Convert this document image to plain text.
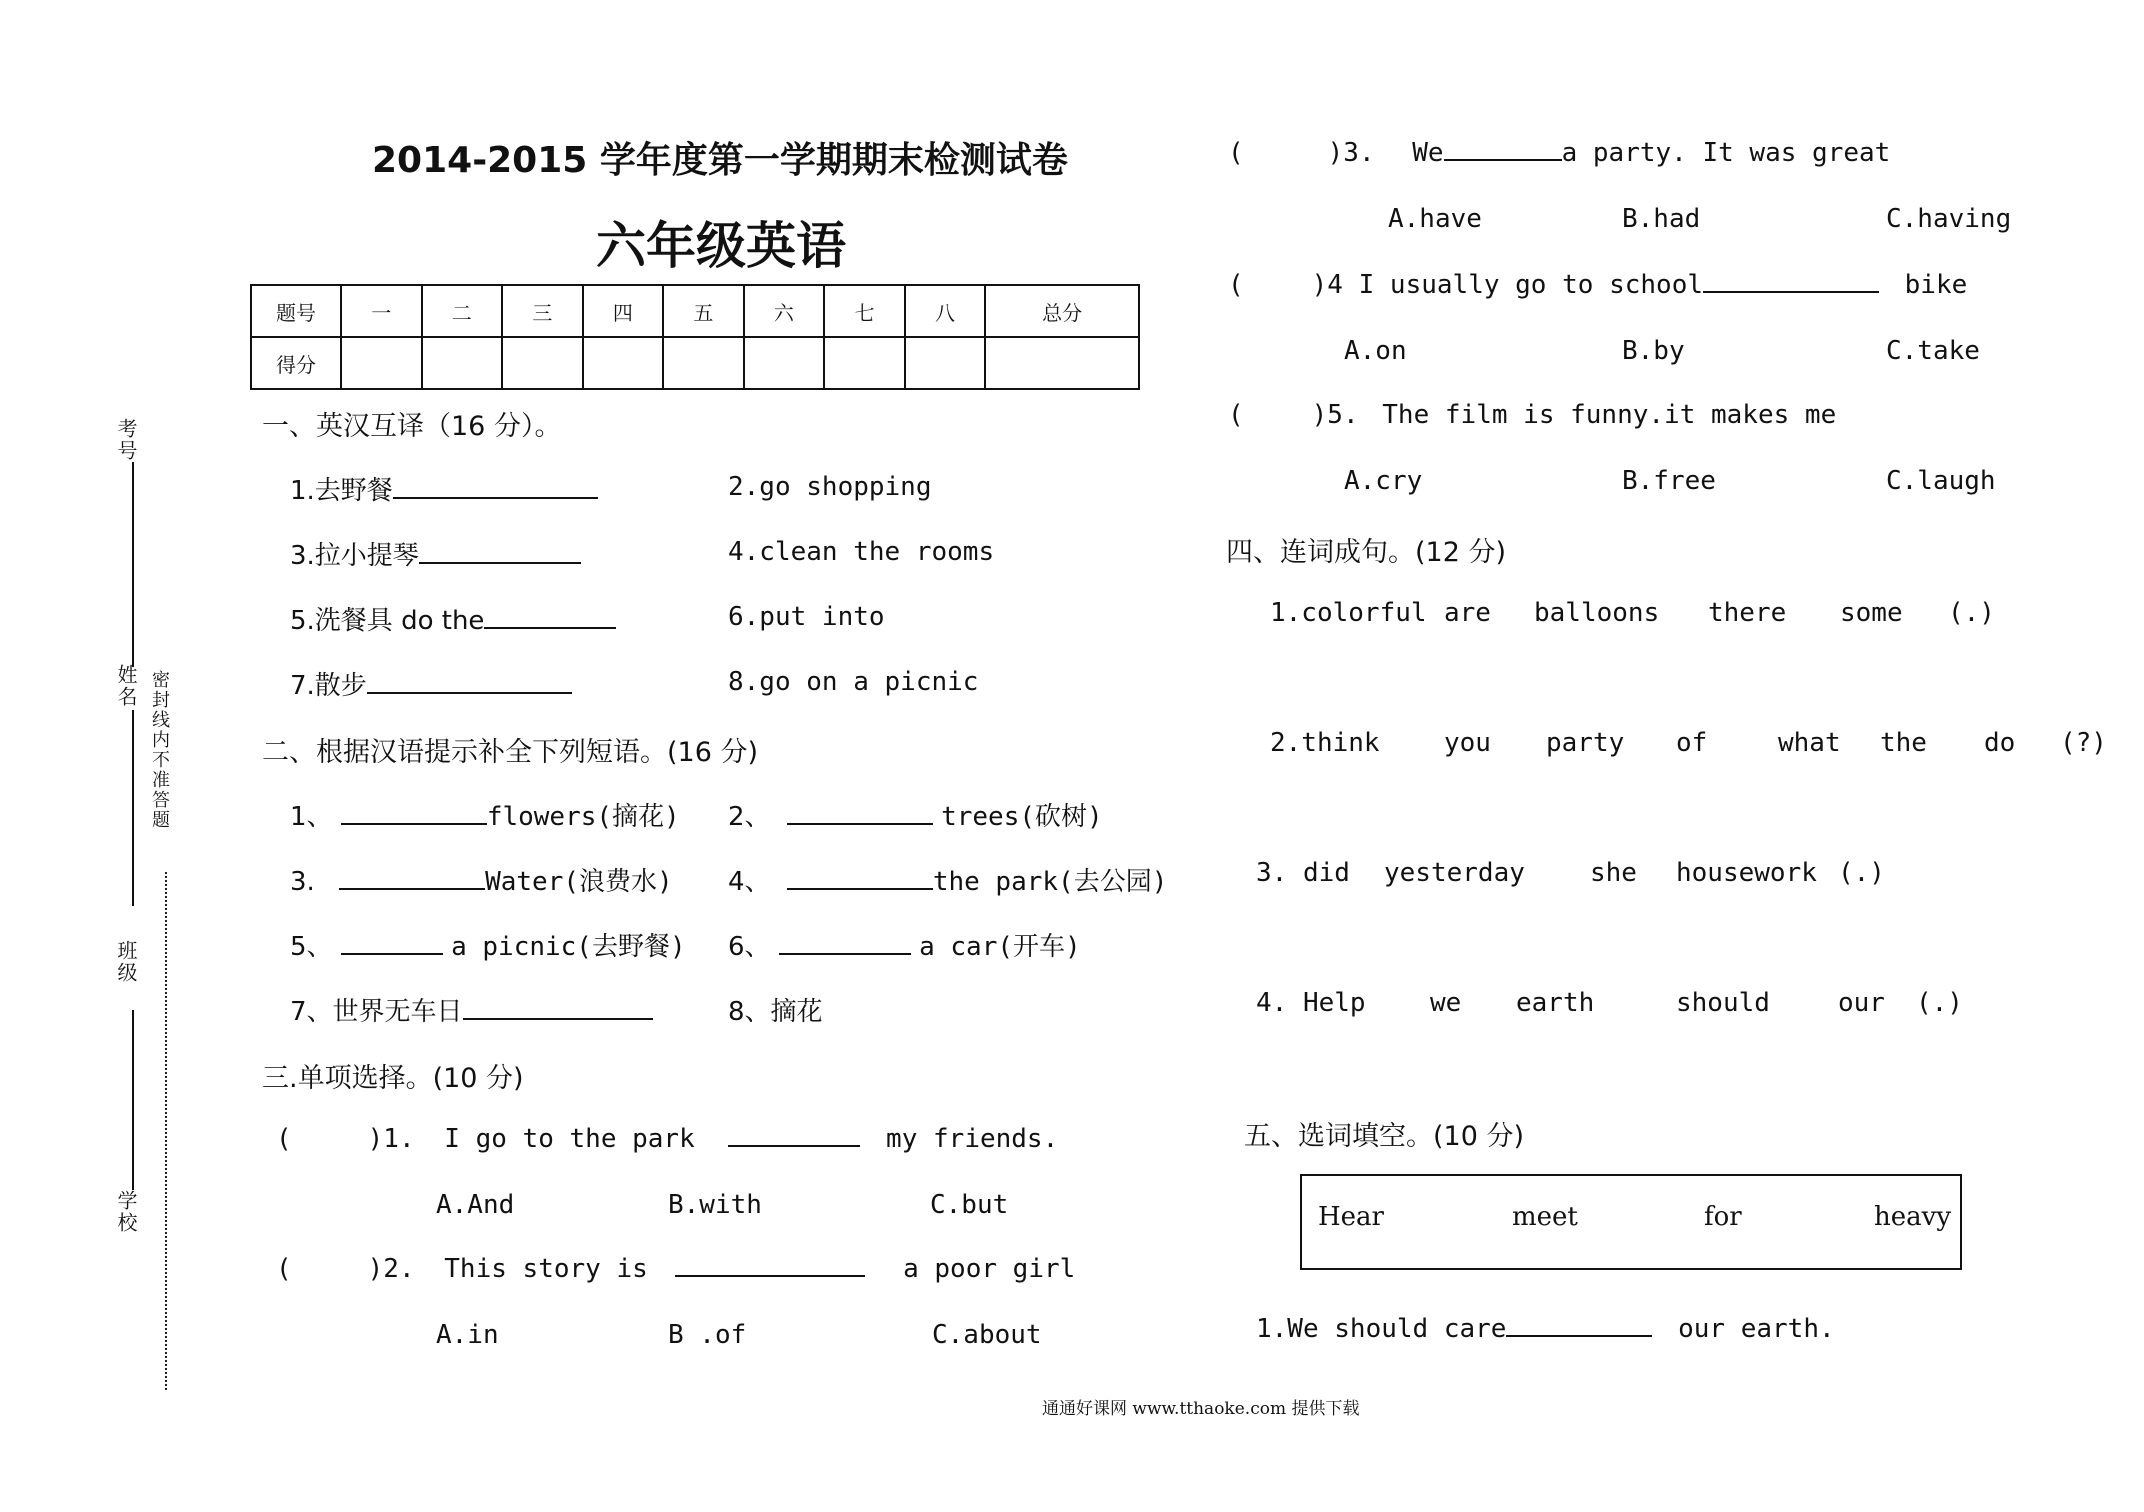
2014-2015 学年度第一学期期末检测试卷
六年级英语
题号	一	二	三	四	五	六	七	八	总分
得分									
考号
姓名 密封线内不准答题
班级
学校
一、英汉互译（16 分）。
1.去野餐	2.go shopping
3.拉小提琴	4.clean the rooms
5.洗餐具 do the	6.put into
7.散步	8.go on a picnic
二、根据汉语提示补全下列短语。(16 分)
1、	flowers(摘花) 2、	trees(砍树)
3.	Water(浪费水) 4、	the park(去公园)
5、	a picnic(去野餐) 6、	a car(开车)
7、世界无车日	8、摘花
三.单项选择。(10 分)
(	)1. I go to the park	my friends.
A.And	B.with	C.but
(	)2. This story is	a poor girl
A.in	B .of	C.about
(	)3. We	a party. It was great
A.have	B.had	C.having
(	)4 I usually go to school	bike
A.on	B.by	C.take
(	)5. The film is funny.it makes me
A.cry	B.free	C.laugh
四、连词成句。(12 分)
1.colorful are balloons there some (.)
2.think you party of	what the do (?)
3. did yesterday	she housework (.)
4. Help we earth	should	our (.)
五、选词填空。(10 分)
Hear	meet	for	heavy
1.We should care	our earth.
通通好课网 www.tthaoke.com 提供下载
